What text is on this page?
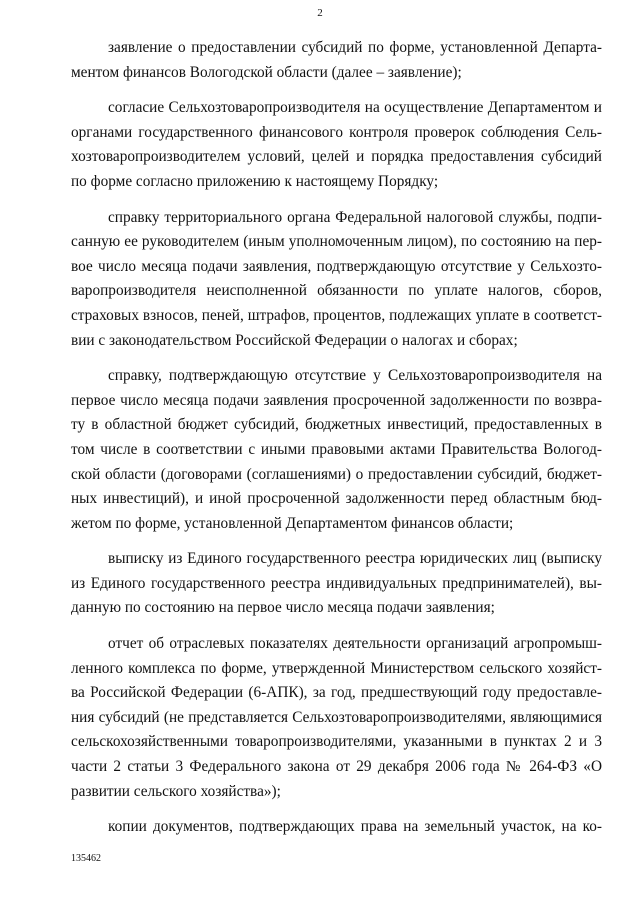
2
заявление о предоставлении субсидий по форме, установленной Департа-
ментом финансов Вологодской области (далее – заявление);
согласие Сельхозтоваропроизводителя на осуществление Департаментом и
органами государственного финансового контроля проверок соблюдения Сель-
хозтоваропроизводителем условий, целей и порядка предоставления субсидий
по форме согласно приложению к настоящему Порядку;
справку территориального органа Федеральной налоговой службы, подпи-
санную ее руководителем (иным уполномоченным лицом), по состоянию на пер-
вое число месяца подачи заявления, подтверждающую отсутствие у Сельхозто-
варопроизводителя неисполненной обязанности по уплате налогов, сборов,
страховых взносов, пеней, штрафов, процентов, подлежащих уплате в соответст-
вии с законодательством Российской Федерации о налогах и сборах;
справку, подтверждающую отсутствие у Сельхозтоваропроизводителя на
первое число месяца подачи заявления просроченной задолженности по возвра-
ту в областной бюджет субсидий, бюджетных инвестиций, предоставленных в
том числе в соответствии с иными правовыми актами Правительства Вологод-
ской области (договорами (соглашениями) о предоставлении субсидий, бюджет-
ных инвестиций), и иной просроченной задолженности перед областным бюд-
жетом по форме, установленной Департаментом финансов области;
выписку из Единого государственного реестра юридических лиц (выписку
из Единого государственного реестра индивидуальных предпринимателей), вы-
данную по состоянию на первое число месяца подачи заявления;
отчет об отраслевых показателях деятельности организаций агропромыш-
ленного комплекса по форме, утвержденной Министерством сельского хозяйст-
ва Российской Федерации (6-АПК), за год, предшествующий году предоставле-
ния субсидий (не представляется Сельхозтоваропроизводителями, являющимися
сельскохозяйственными товаропроизводителями, указанными в пунктах 2 и 3
части 2 статьи 3 Федерального закона от 29 декабря 2006 года № 264-ФЗ «О
развитии сельского хозяйства»);
копии документов, подтверждающих права на земельный участок, на ко-
135462
